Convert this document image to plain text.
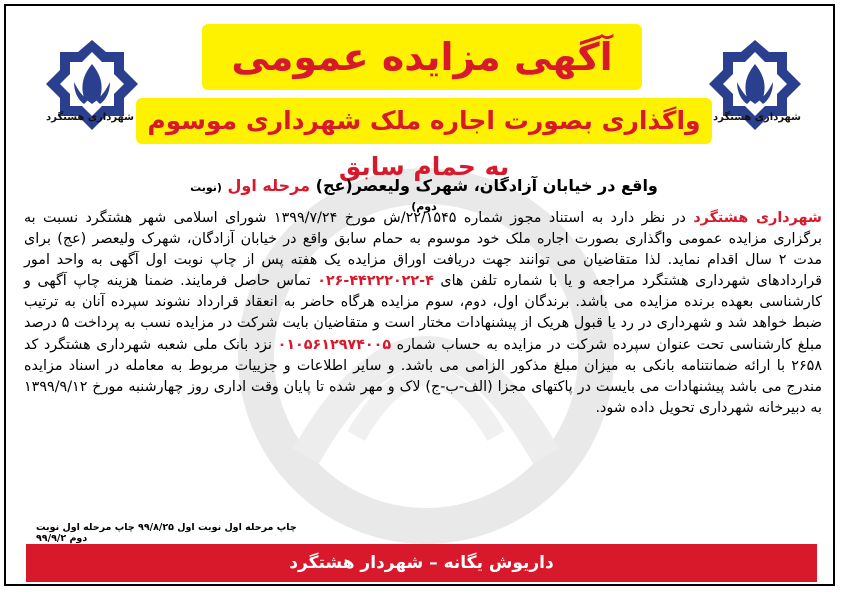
شهرداری هشتگرد	شهرداری هشتگرد
آگهی مزایده عمومی
واگذاری بصورت اجاره ملک شهرداری موسوم به حمام سابق
واقع در خیابان آزادگان، شهرک ولیعصر(عج) مرحله اول (نوبت دوم)
شهرداری هشتگرد در نظر دارد به استناد مجوز شماره ۲۲/۱۵۴۵/ش مورخ ۱۳۹۹/۷/۲۴ شورای اسلامی شهر هشتگرد نسبت به برگزاری مزایده عمومی واگذاری بصورت اجاره ملک خود موسوم به حمام سابق واقع در خیابان آزادگان، شهرک ولیعصر (عج) برای مدت ۲ سال اقدام نماید. لذا متقاضیان می توانند جهت دریافت اوراق مزایده یک هفته پس از چاپ نوبت اول آگهی به واحد امور قراردادهای شهرداری هشتگرد مراجعه و یا با شماره تلفن های ۴-۴۴۲۲۲۰۲۲-۰۲۶ تماس حاصل فرمایند. ضمنا هزینه چاپ آگهی و کارشناسی بعهده برنده مزایده می باشد. برندگان اول، دوم، سوم مزایده هرگاه حاضر به انعقاد قرارداد نشوند سپرده آنان به ترتیب ضبط خواهد شد و شهرداری در رد یا قبول هریک از پیشنهادات مختار است و متقاضیان بایت شرکت در مزایده نسب به پرداخت ۵ درصد مبلغ کارشناسی تحت عنوان سپرده شرکت در مزایده به حساب شماره ۰۱۰۵۶۱۲۹۷۴۰۰۵ نزد بانک ملی شعبه شهرداری هشتگرد کد ۲۶۵۸ با ارائه ضمانتنامه بانکی به میزان مبلغ مذکور الزامی می باشد. و سایر اطلاعات و جزییات مربوط به معامله در اسناد مزایده مندرج می باشد پیشنهادات می بایست در پاکتهای مجزا (الف-ب-ج) لاک و مهر شده تا پایان وقت اداری روز چهارشنبه مورخ ۱۳۹۹/۹/۱۲ به دبیرخانه شهرداری تحویل داده شود.
چاپ مرحله اول نوبت اول ۹۹/۸/۲۵ چاپ مرحله اول نوبت دوم ۹۹/۹/۲
داریوش یگانه – شهردار هشتگرد
